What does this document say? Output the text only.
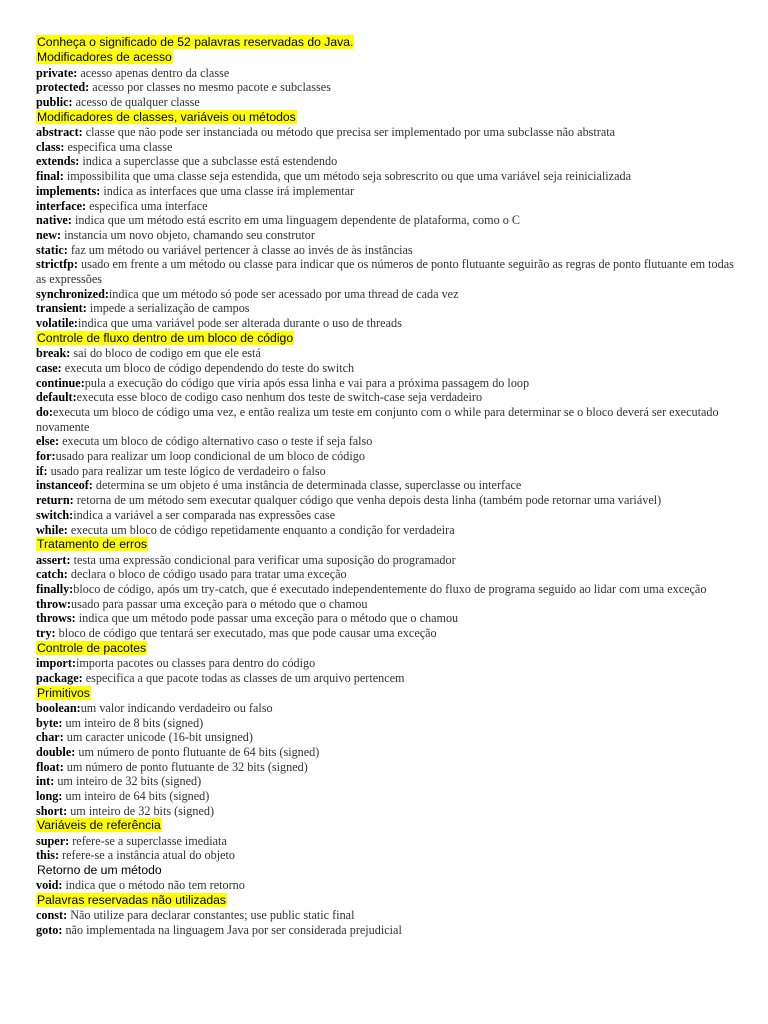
Conheça o significado de 52 palavras reservadas do Java.
Modificadores de acesso

private: acesso apenas dentro da classe

protected: acesso por classes no mesmo pacote e subclasses

public: acesso de qualquer classe

Modificadores de classes, variáveis ou métodos

abstract: classe que não pode ser instanciada ou método que precisa ser implementado por uma subclasse não abstrata

class: especifica uma classe

extends: indica a superclasse que a subclasse está estendendo

final: impossibilita que uma classe seja estendida, que um método seja sobrescrito ou que uma variável seja reinicializada

implements: indica as interfaces que uma classe irá implementar

interface: especifica uma interface

native: indica que um método está escrito em uma linguagem dependente de plataforma, como o C

new: instancia um novo objeto, chamando seu construtor

static: faz um método ou variável pertencer à classe ao invés de às instâncias

strictfp: usado em frente a um método ou classe para indicar que os números de ponto flutuante seguirão as regras de ponto flutuante em todas as expressões

synchronized:indica que um método só pode ser acessado por uma thread de cada vez

transient: impede a serialização de campos

volatile:indica que uma variável pode ser alterada durante o uso de threads

Controle de fluxo dentro de um bloco de código

break: sai do bloco de codigo em que ele está

case: executa um bloco de código dependendo do teste do switch

continue:pula a execução do código que viria após essa linha e vai para a próxima passagem do loop

default:executa esse bloco de codigo caso nenhum dos teste de switch-case seja verdadeiro

do:executa um bloco de código uma vez, e então realiza um teste em conjunto com o while para determinar se o bloco deverá ser executado novamente

else: executa um bloco de código alternativo caso o teste if seja falso

for:usado para realizar um loop condicional de um bloco de código

if: usado para realizar um teste lógico de verdadeiro o falso

instanceof: determina se um objeto é uma instância de determinada classe, superclasse ou interface

return: retorna de um método sem executar qualquer código que venha depois desta linha (também pode retornar uma variável)

switch:indica a variável a ser comparada nas expressões case

while: executa um bloco de código repetidamente enquanto a condição for verdadeira

Tratamento de erros

assert: testa uma expressão condicional para verificar uma suposição do programador

catch: declara o bloco de código usado para tratar uma exceção

finally:bloco de código, após um try-catch, que é executado independentemente do fluxo de programa seguido ao lidar com uma exceção

throw:usado para passar uma exceção para o método que o chamou

throws: indica que um método pode passar uma exceção para o método que o chamou

try: bloco de código que tentará ser executado, mas que pode causar uma exceção

Controle de pacotes

import:importa pacotes ou classes para dentro do código

package: especifica a que pacote todas as classes de um arquivo pertencem

Primitivos

boolean:um valor indicando verdadeiro ou falso

byte: um inteiro de 8 bits (signed)

char: um caracter unicode (16-bit unsigned)

double: um número de ponto flutuante de 64 bits (signed)

float: um número de ponto flutuante de 32 bits (signed)

int: um inteiro de 32 bits (signed)

long: um inteiro de 64 bits (signed)

short: um inteiro de 32 bits (signed)

Variáveis de referência

super: refere-se a superclasse imediata

this: refere-se a instância atual do objeto

Retorno de um método

void: indica que o método não tem retorno

Palavras reservadas não utilizadas

const: Não utilize para declarar constantes; use public static final

goto: não implementada na linguagem Java por ser considerada prejudicial
